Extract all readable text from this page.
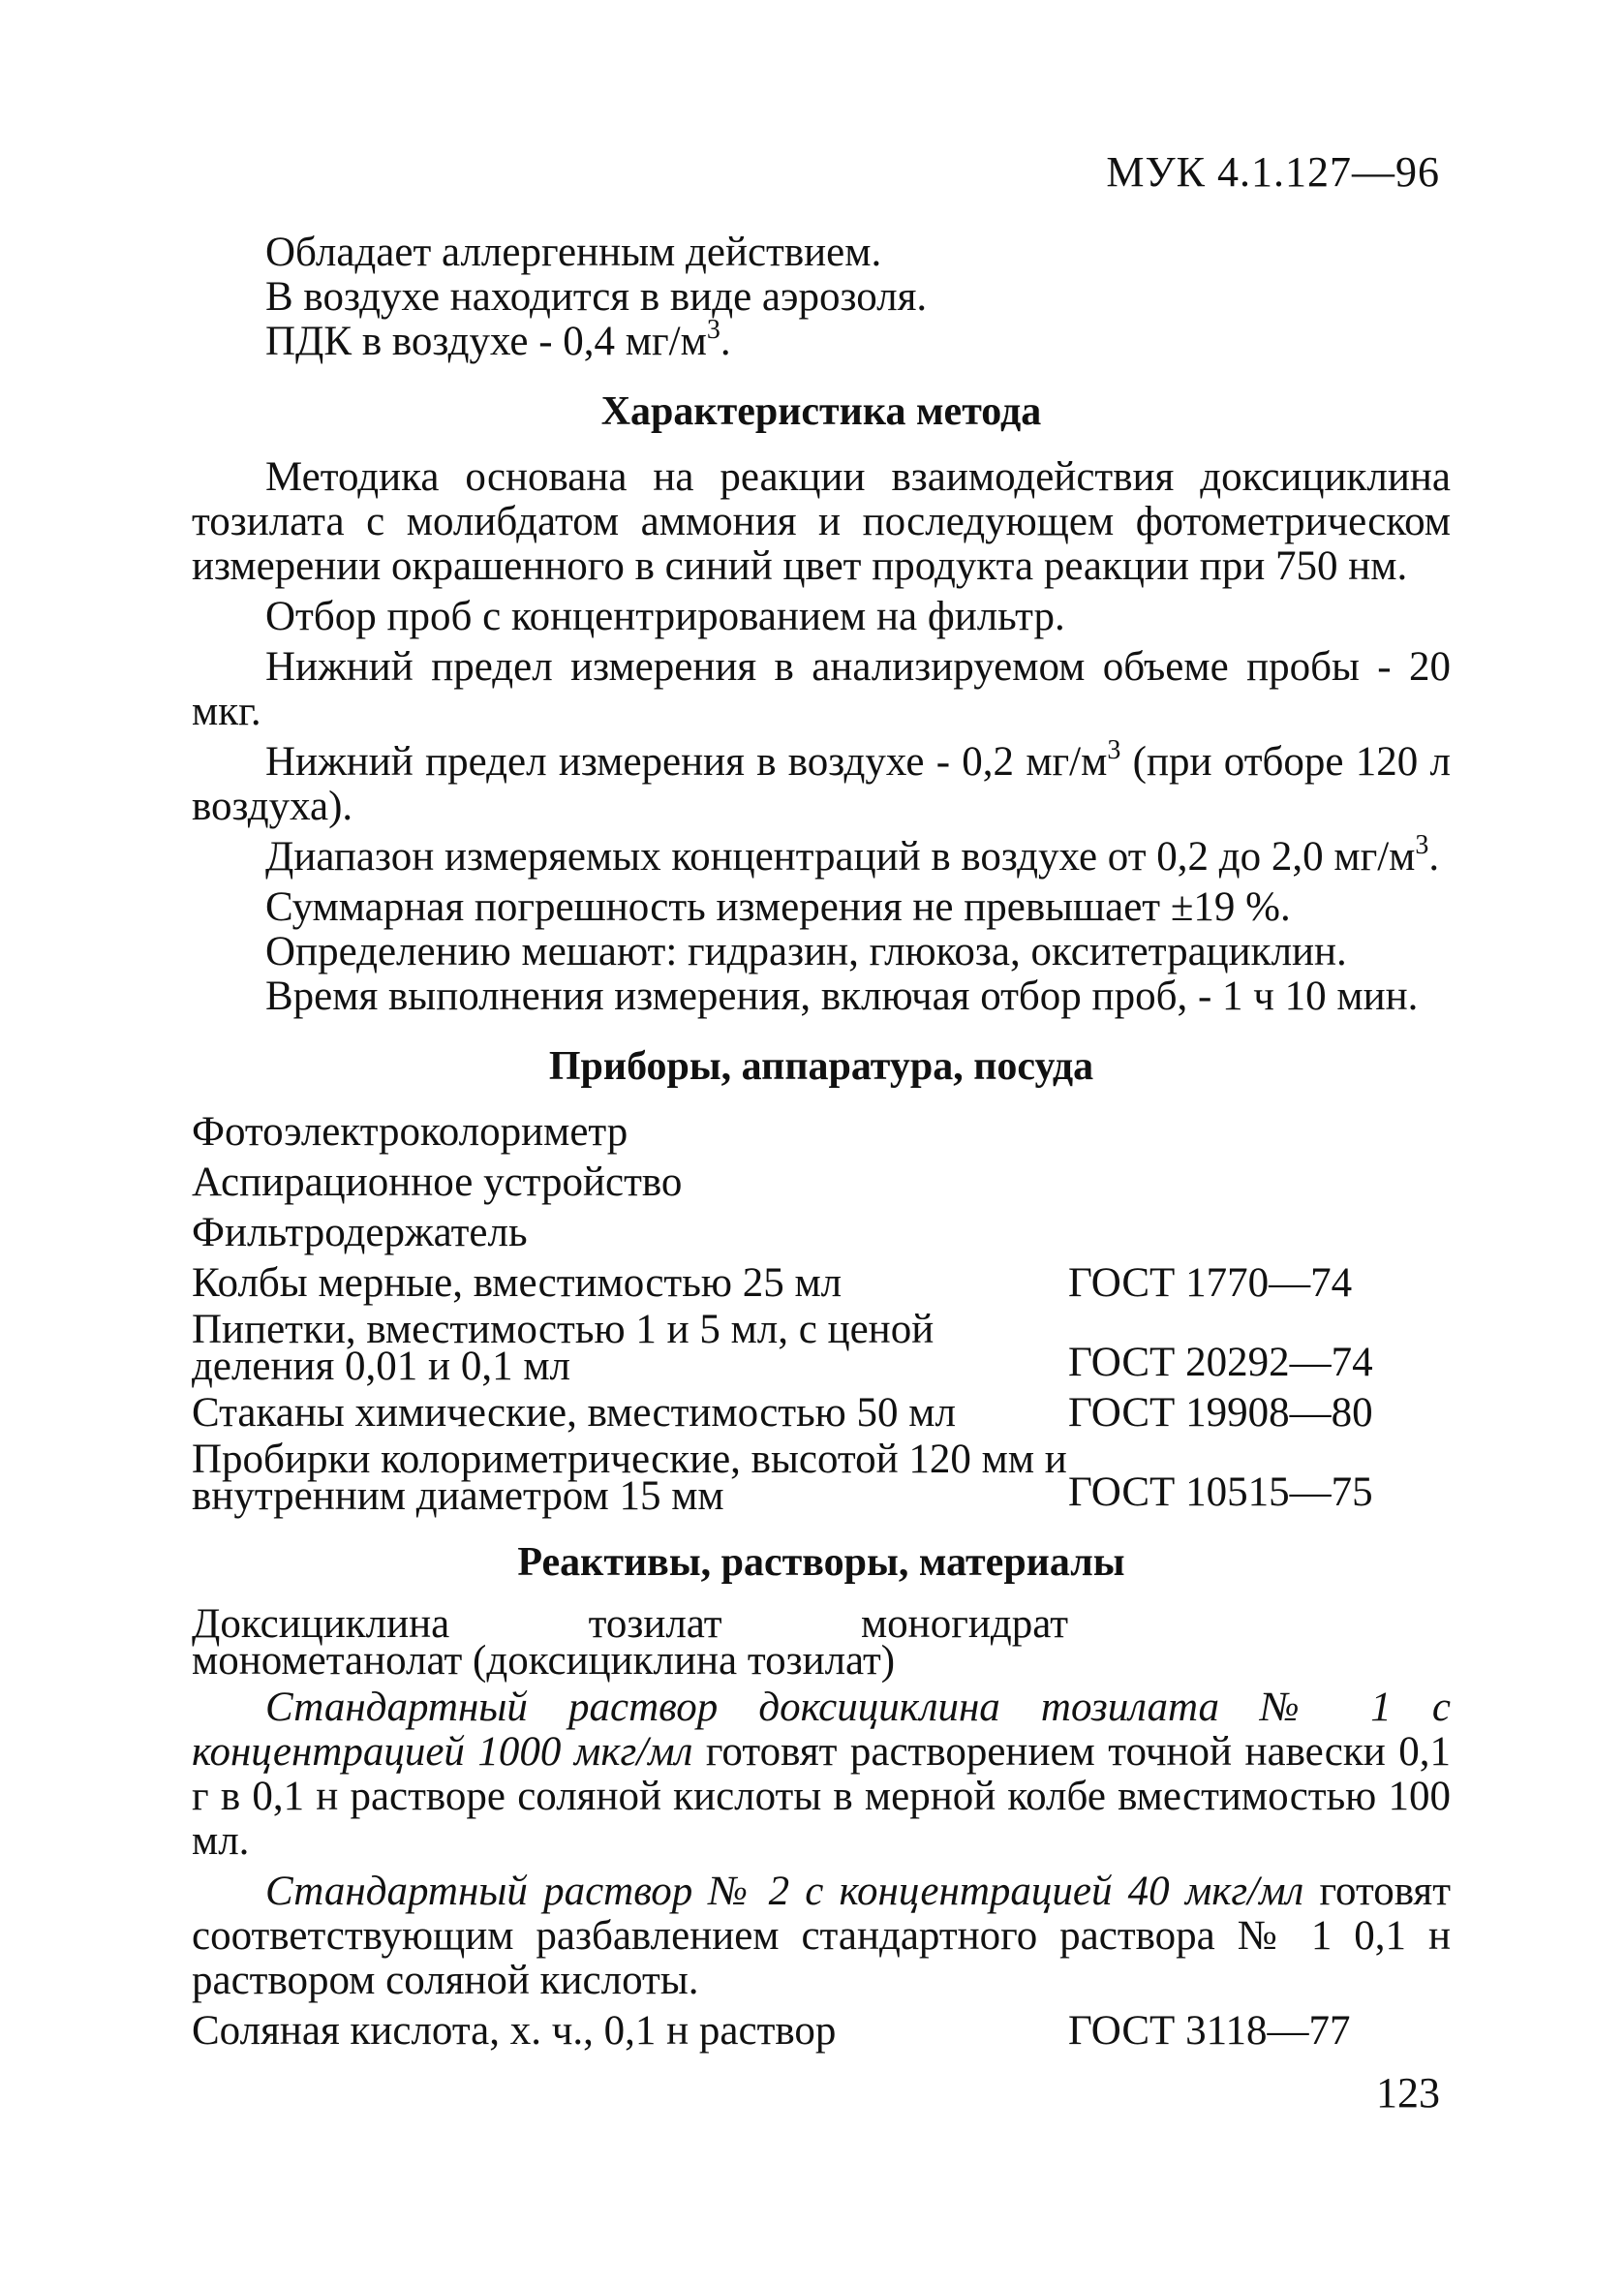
МУК 4.1.127—96

Обладает аллергенным действием.

В воздухе находится в виде аэрозоля.

ПДК в воздухе - 0,4 $мг/м^3$.

Характеристика метода

Методика основана на реакции взаимодействия доксициклина тозилата с молибдатом аммония и последующем фотометрическом измерении окрашенного в синий цвет продукта реакции при 750 нм.

Отбор проб с концентрированием на фильтр.

Нижний предел измерения в анализируемом объеме пробы - 20 мкг.

Нижний предел измерения в воздухе - 0,2 $мг/м^3$ (при отборе 120 л воздуха).

Диапазон измеряемых концентраций в воздухе от 0,2 до 2,0 $мг/м^3$.

Суммарная погрешность измерения не превышает ±19 %.

Определению мешают: гидразин, глюкоза, окситетрациклин.

Время выполнения измерения, включая отбор проб, - 1 ч 10 мин.

Приборы, аппаратура, посуда
Фотоэлектроколориметр
Аспирационное устройство
Фильтродержатель
Колбы мерные, вместимостью 25 мл	ГОСТ 1770—74
Пипетки, вместимостью 1 и 5 мл, с ценой деления 0,01 и 0,1 мл	ГОСТ 20292—74
Стаканы химические, вместимостью 50 мл	ГОСТ 19908—80
Пробирки колориметрические, высотой 120 мм и внутренним диаметром 15 мм	ГОСТ 10515—75
Реактивы, растворы, материалы

Доксициклина тозилат моногидрат монометанолат (доксициклина тозилат)

Стандартный раствор доксициклина тозилата № 1 с концентрацией 1000 мкг/мл готовят растворением точной навески 0,1 г в 0,1 н растворе соляной кислоты в мерной колбе вместимостью 100 мл.

Стандартный раствор № 2 с концентрацией 40 мкг/мл готовят соответствующим разбавлением стандартного раствора № 1 0,1 н раствором соляной кислоты.

Соляная кислота, х. ч., 0,1 н раствор	ГОСТ 3118—77
123
